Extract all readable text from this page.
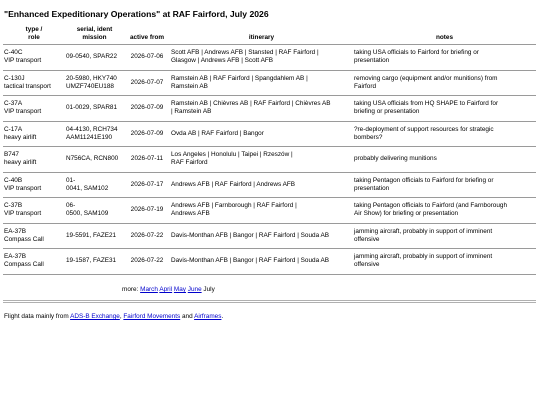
"Enhanced Expeditionary Operations" at RAF Fairford, July 2026
type /
role	serial, ident
mission	active from	itinerary	notes

C-40C
VIP transport	09-0540, SPAR22	2026-07-06	Scott AFB | Andrews AFB | Stansted | RAF Fairford |
Glasgow | Andrews AFB | Scott AFB	taking USA officials to Fairford for briefing or
presentation

C-130J
tactical transport	20-5980, HKY740
UMZF740EU188	2026-07-07	Ramstein AB | RAF Fairford | Spangdahlem AB |
Ramstein AB	removing cargo (equipment and/or munitions) from
Fairford

C-37A
VIP transport	01-0029, SPAR81	2026-07-09	Ramstein AB | Chièvres AB | RAF Fairford | Chièvres AB
| Ramstein AB	taking USA officials from HQ SHAPE to Fairford for
briefing or presentation

C-17A
heavy airlift	04-4130, RCH734
AAM11241E190	2026-07-09	Ovda AB | RAF Fairford | Bangor	?re-deployment of support resources for strategic
bombers?

B747
heavy airlift	N756CA, RCN800	2026-07-11	Los Angeles | Honolulu | Taipei | Rzeszów |
RAF Fairford	probably delivering munitions

C-40B
VIP transport	01-
0041, SAM102	2026-07-17	Andrews AFB | RAF Fairford | Andrews AFB	taking Pentagon officials to Fairford for briefing or
presentation

C-37B
VIP transport	06-
0500, SAM109	2026-07-19	Andrews AFB | Farnborough | RAF Fairford |
Andrews AFB	taking Pentagon officials to Fairford (and Farnborough
Air Show) for briefing or presentation

EA-37B
Compass Call	19-5591, FAZE21	2026-07-22	Davis-Monthan AFB | Bangor | RAF Fairford | Souda AB	jamming aircraft, probably in support of imminent
offensive

EA-37B
Compass Call	19-1587, FAZE31	2026-07-22	Davis-Monthan AFB | Bangor | RAF Fairford | Souda AB	jamming aircraft, probably in support of imminent
offensive
more: March April May June July
Flight data mainly from ADS-B Exchange, Fairford Movements and Airframes.
